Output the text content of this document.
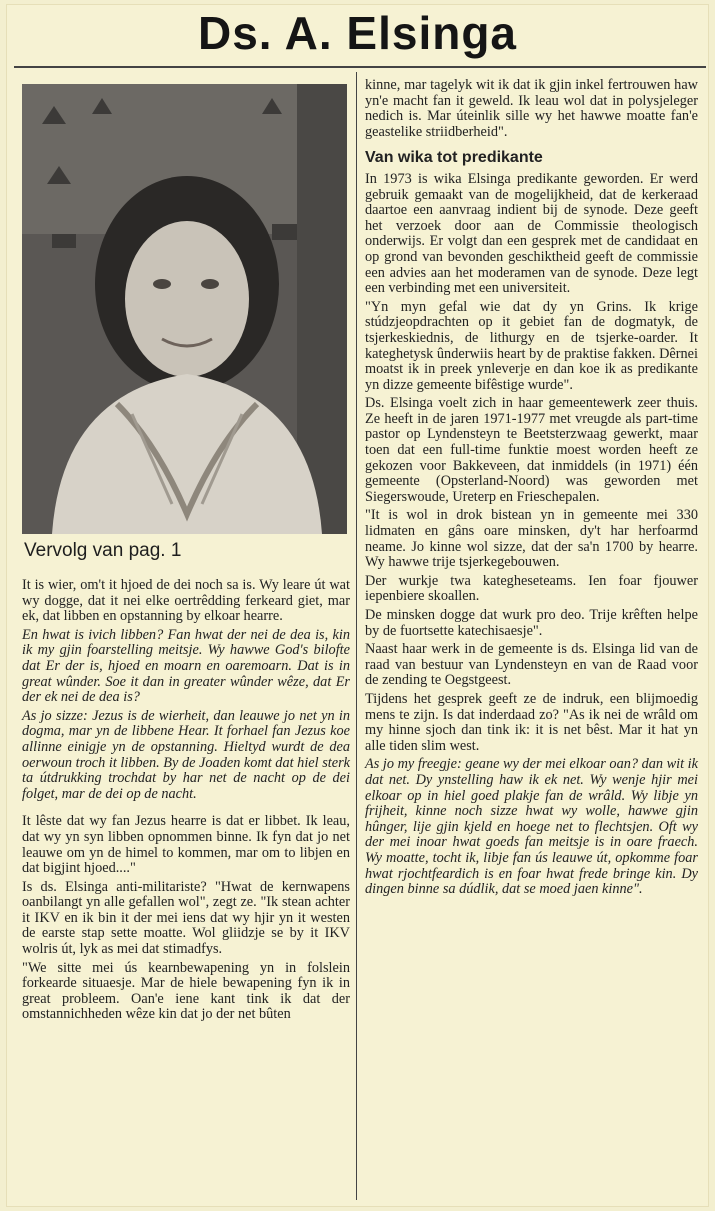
Ds. A. Elsinga
Vervolg van pag. 1

It is wier, om't it hjoed de dei noch sa is. Wy leare út wat wy dogge, dat it nei elke oertrêdding ferkeard giet, mar ek, dat libben en opstanning by elkoar hearre.

En hwat is ivich libben? Fan hwat der nei de dea is, kin ik my gjin foarstelling meitsje. Wy hawwe God's bilofte dat Er der is, hjoed en moarn en oaremoarn. Dat is in great wûnder. Soe it dan in greater wûnder wêze, dat Er der ek nei de dea is?

As jo sizze: Jezus is de wierheit, dan leauwe jo net yn in dogma, mar yn de libbene Hear. It forhael fan Jezus koe allinne einigje yn de opstanning. Hieltyd wurdt de dea oerwoun troch it libben. By de Joaden komt dat hiel sterk ta útdrukking trochdat by har net de nacht op de dei folget, mar de dei op de nacht.

It lêste dat wy fan Jezus hearre is dat er libbet. Ik leau, dat wy yn syn libben opnommen binne. Ik fyn dat jo net leauwe om yn de himel to kommen, mar om to libjen en dat bigjint hjoed...."

Is ds. Elsinga anti-militariste? "Hwat de kernwapens oanbilangt yn alle gefallen wol", zegt ze. "Ik stean achter it IKV en ik bin it der mei iens dat wy hjir yn it westen de earste stap sette moatte. Wol gliidzje se by it IKV wolris út, lyk as mei dat stimadfys.

"We sitte mei ús kearnbewapening yn in folslein forkearde situaesje. Mar de hiele bewapening fyn ik in great probleem. Oan'e iene kant tink ik dat der omstannichheden wêze kin dat jo der net bûten

kinne, mar tagelyk wit ik dat ik gjin inkel fertrouwen haw yn'e macht fan it geweld. Ik leau wol dat in polysjeleger nedich is. Mar úteinlik sille wy het hawwe moatte fan'e geastelike striidberheid".

Van wika tot predikante

In 1973 is wika Elsinga predikante geworden. Er werd gebruik gemaakt van de mogelijkheid, dat de kerkeraad daartoe een aanvraag indient bij de synode. Deze geeft het verzoek door aan de Commissie theologisch onderwijs. Er volgt dan een gesprek met de candidaat en op grond van bevonden geschiktheid geeft de commissie een advies aan het moderamen van de synode. Deze legt een verbinding met een universiteit.

"Yn myn gefal wie dat dy yn Grins. Ik krige stúdzjeopdrachten op it gebiet fan de dogmatyk, de tsjerkeskiednis, de lithurgy en de tsjerke-oarder. It kateghetysk ûnderwiis heart by de praktise fakken. Dêrnei moatst ik in preek ynleverje en dan koe ik as predikante yn dizze gemeente bifêstige wurde".

Ds. Elsinga voelt zich in haar gemeentewerk zeer thuis. Ze heeft in de jaren 1971-1977 met vreugde als part-time pastor op Lyndensteyn te Beetsterzwaag gewerkt, maar toen dat een full-time funktie moest worden heeft ze gekozen voor Bakkeveen, dat inmiddels (in 1971) één gemeente (Opsterland-Noord) was geworden met Siegerswoude, Ureterp en Frieschepalen.

"It is wol in drok bistean yn in gemeente mei 330 lidmaten en gâns oare minsken, dy't har herfoarmd neame. Jo kinne wol sizze, dat der sa'n 1700 by hearre. Wy hawwe trije tsjerkegebouwen.

Der wurkje twa kategheseteams. Ien foar fjouwer iepenbiere skoallen.

De minsken dogge dat wurk pro deo. Trije krêften helpe by de fuortsette katechisaesje".

Naast haar werk in de gemeente is ds. Elsinga lid van de raad van bestuur van Lyndensteyn en van de Raad voor de zending te Oegstgeest.

Tijdens het gesprek geeft ze de indruk, een blijmoedig mens te zijn. Is dat inderdaad zo? "As ik nei de wrâld om my hinne sjoch dan tink ik: it is net bêst. Mar it hat yn alle tiden slim west.

As jo my freegje: geane wy der mei elkoar oan? dan wit ik dat net. Dy ynstelling haw ik ek net. Wy wenje hjir mei elkoar op in hiel goed plakje fan de wrâld. Wy libje yn frijheit, kinne noch sizze hwat wy wolle, hawwe gjin hûnger, lije gjin kjeld en hoege net to flechtsjen. Oft wy der mei inoar hwat goeds fan meitsje is in oare fraech. Wy moatte, tocht ik, libje fan ús leauwe út, opkomme foar hwat rjochtfeardich is en foar hwat frede bringe kin. Dy dingen binne sa dúdlik, dat se moed jaen kinne".
